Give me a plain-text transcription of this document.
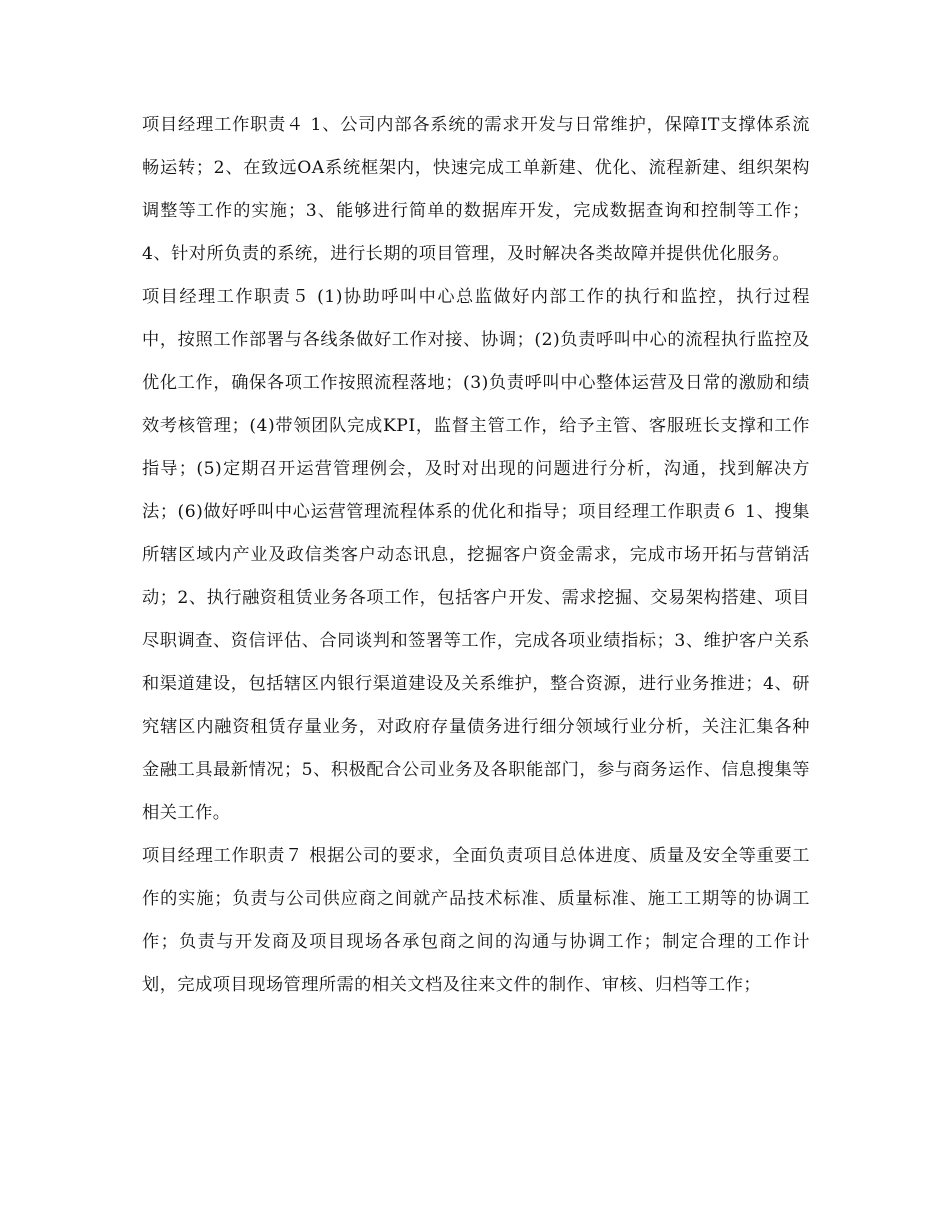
项目经理工作职责４ 1、公司内部各系统的需求开发与日常维护，保障IT支撑体系流畅运转；2、在致远OA系统框架内，快速完成工单新建、优化、流程新建、组织架构调整等工作的实施；3、能够进行简单的数据库开发，完成数据查询和控制等工作；4、针对所负责的系统，进行长期的项目管理，及时解决各类故障并提供优化服务。

项目经理工作职责５ (1)协助呼叫中心总监做好内部工作的执行和监控，执行过程中，按照工作部署与各线条做好工作对接、协调；(2)负责呼叫中心的流程执行监控及优化工作，确保各项工作按照流程落地；(3)负责呼叫中心整体运营及日常的激励和绩效考核管理；(4)带领团队完成KPI，监督主管工作，给予主管、客服班长支撑和工作指导；(5)定期召开运营管理例会，及时对出现的问题进行分析，沟通，找到解决方法；(6)做好呼叫中心运营管理流程体系的优化和指导；项目经理工作职责６ 1、搜集所辖区域内产业及政信类客户动态讯息，挖掘客户资金需求，完成市场开拓与营销活动；2、执行融资租赁业务各项工作，包括客户开发、需求挖掘、交易架构搭建、项目尽职调查、资信评估、合同谈判和签署等工作，完成各项业绩指标；3、维护客户关系和渠道建设，包括辖区内银行渠道建设及关系维护，整合资源，进行业务推进；4、研究辖区内融资租赁存量业务，对政府存量债务进行细分领域行业分析，关注汇集各种金融工具最新情况；5、积极配合公司业务及各职能部门，参与商务运作、信息搜集等相关工作。

项目经理工作职责７ 根据公司的要求，全面负责项目总体进度、质量及安全等重要工作的实施；负责与公司供应商之间就产品技术标准、质量标准、施工工期等的协调工作；负责与开发商及项目现场各承包商之间的沟通与协调工作；制定合理的工作计划，完成项目现场管理所需的相关文档及往来文件的制作、审核、归档等工作；
